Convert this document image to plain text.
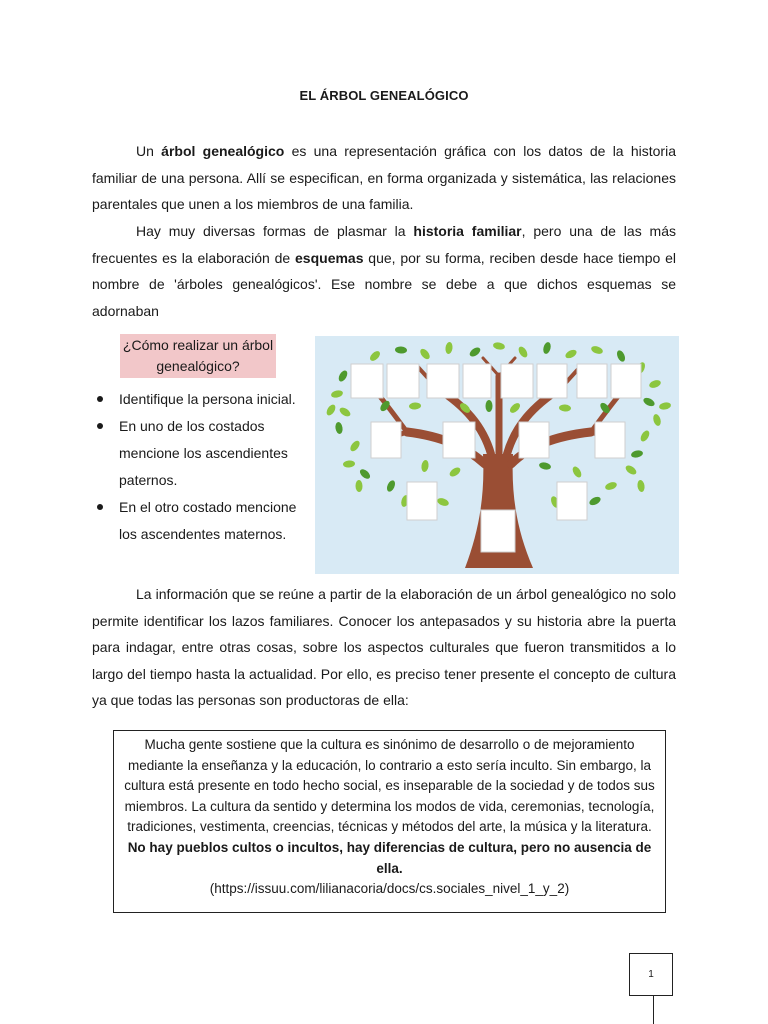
EL ÁRBOL GENEALÓGICO
Un árbol genealógico es una representación gráfica con los datos de la historia familiar de una persona. Allí se especifican, en forma organizada y sistemática, las relaciones parentales que unen a los miembros de una familia.
Hay muy diversas formas de plasmar la historia familiar, pero una de las más frecuentes es la elaboración de esquemas que, por su forma, reciben desde hace tiempo el nombre de 'árboles genealógicos'. Ese nombre se debe a que dichos esquemas se adornaban
¿Cómo realizar un árbol genealógico?
Identifique la persona inicial.
En uno de los costados mencione los ascendientes paternos.
En el otro costado mencione los ascendentes maternos.
La información que se reúne a partir de la elaboración de un árbol genealógico no solo permite identificar los lazos familiares. Conocer los antepasados y su historia abre la puerta para indagar, entre otras cosas, sobre los aspectos culturales que fueron transmitidos a lo largo del tiempo hasta la actualidad. Por ello, es preciso tener presente el concepto de cultura ya que todas las personas son productoras de ella:
Mucha gente sostiene que la cultura es sinónimo de desarrollo o de mejoramiento mediante la enseñanza y la educación, lo contrario a esto sería inculto. Sin embargo, la cultura está presente en todo hecho social, es inseparable de la sociedad y de todos sus miembros. La cultura da sentido y determina los modos de vida, ceremonias, tecnología, tradiciones, vestimenta, creencias, técnicas y métodos del arte, la música y la literatura. No hay pueblos cultos o incultos, hay diferencias de cultura, pero no ausencia de ella.
(https://issuu.com/lilianacoria/docs/cs.sociales_nivel_1_y_2)
1
